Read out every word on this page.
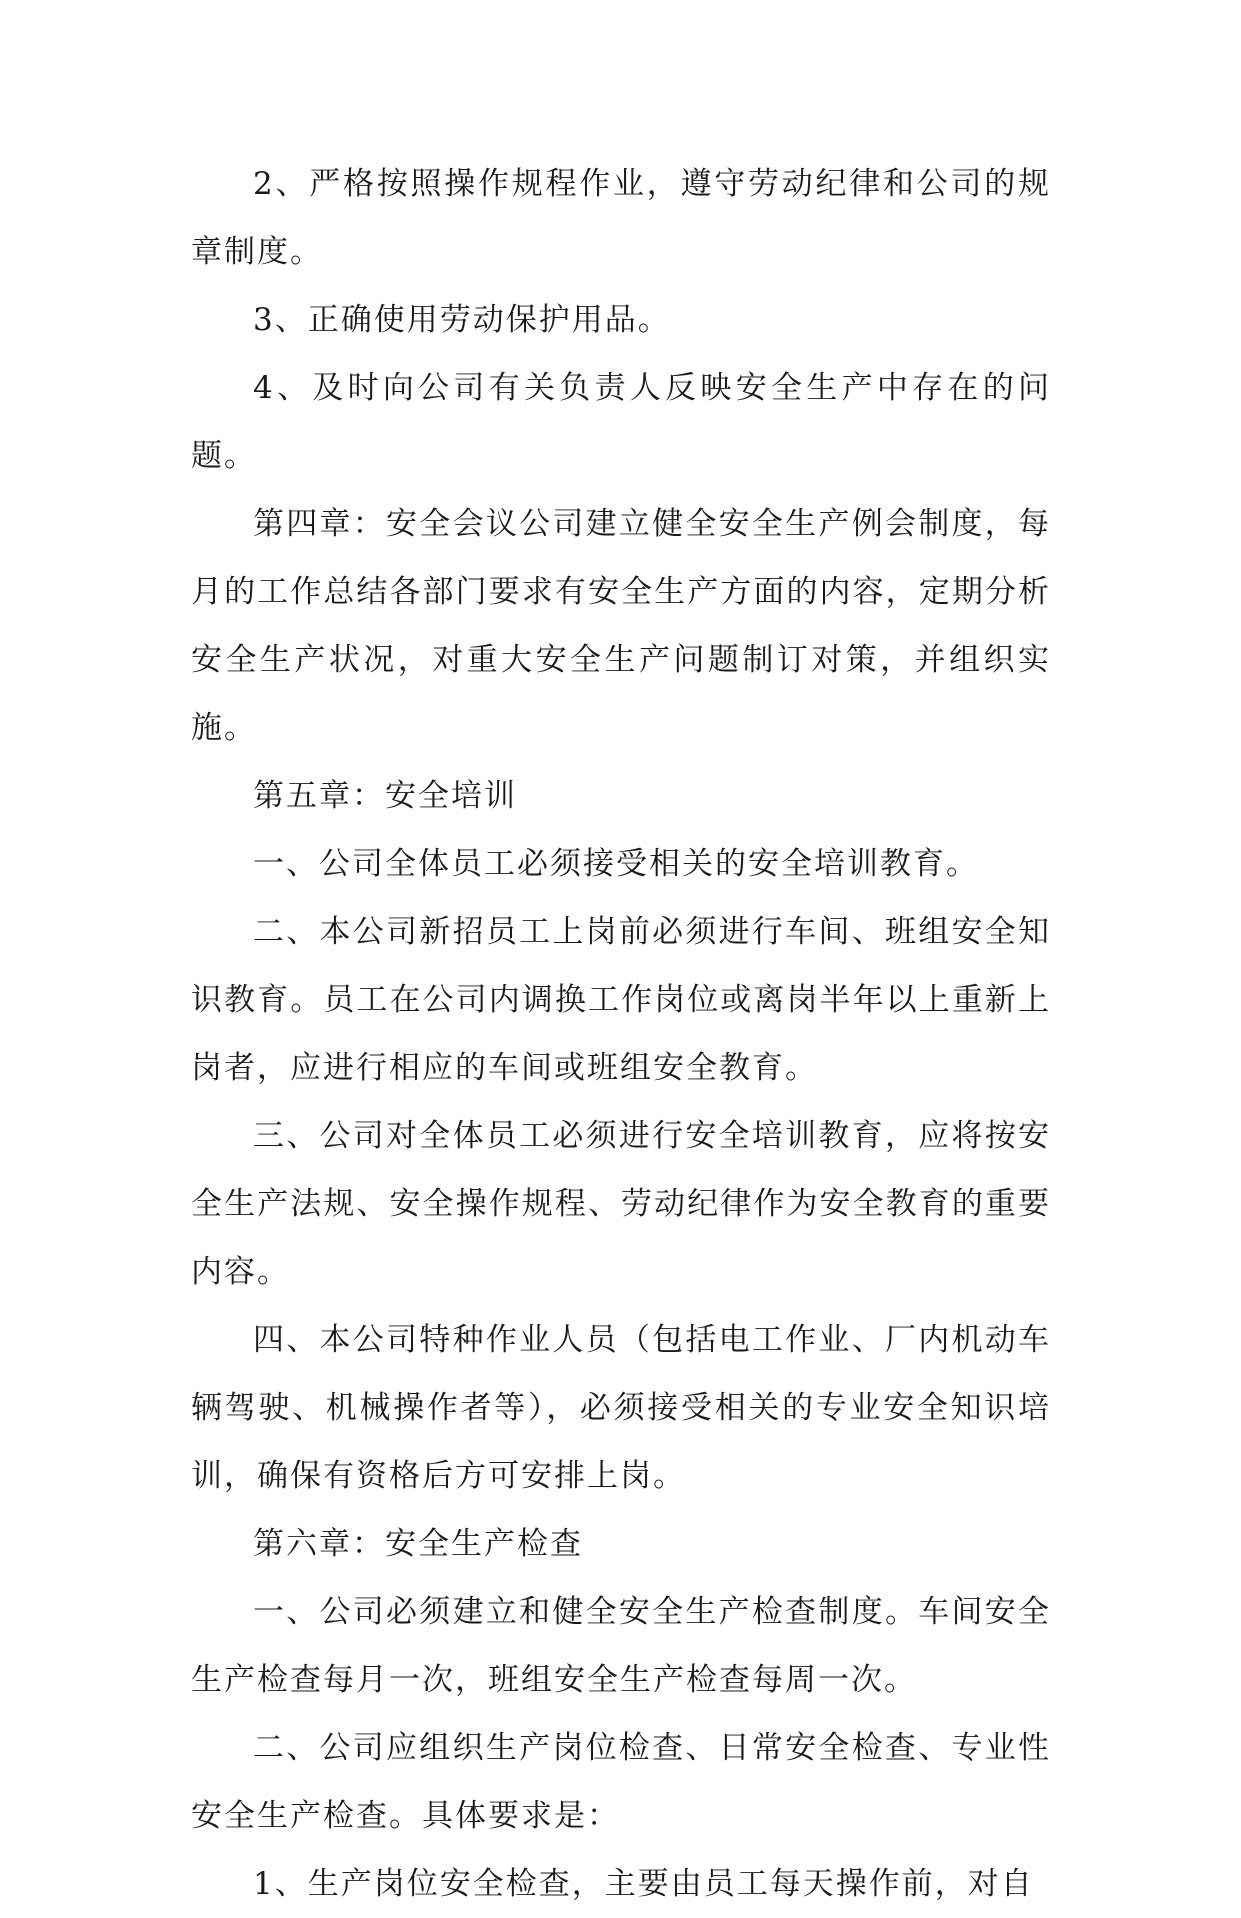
2、严格按照操作规程作业，遵守劳动纪律和公司的规章制度。

3、正确使用劳动保护用品。

4、及时向公司有关负责人反映安全生产中存在的问题。

第四章：安全会议公司建立健全安全生产例会制度，每月的工作总结各部门要求有安全生产方面的内容，定期分析安全生产状况，对重大安全生产问题制订对策，并组织实施。

第五章：安全培训

一、公司全体员工必须接受相关的安全培训教育。

二、本公司新招员工上岗前必须进行车间、班组安全知识教育。员工在公司内调换工作岗位或离岗半年以上重新上岗者，应进行相应的车间或班组安全教育。

三、公司对全体员工必须进行安全培训教育，应将按安全生产法规、安全操作规程、劳动纪律作为安全教育的重要内容。

四、本公司特种作业人员（包括电工作业、厂内机动车辆驾驶、机械操作者等），必须接受相关的专业安全知识培训，确保有资格后方可安排上岗。

第六章：安全生产检查

一、公司必须建立和健全安全生产检查制度。车间安全生产检查每月一次，班组安全生产检查每周一次。

二、公司应组织生产岗位检查、日常安全检查、专业性安全生产检查。具体要求是：

1、生产岗位安全检查，主要由员工每天操作前，对自
